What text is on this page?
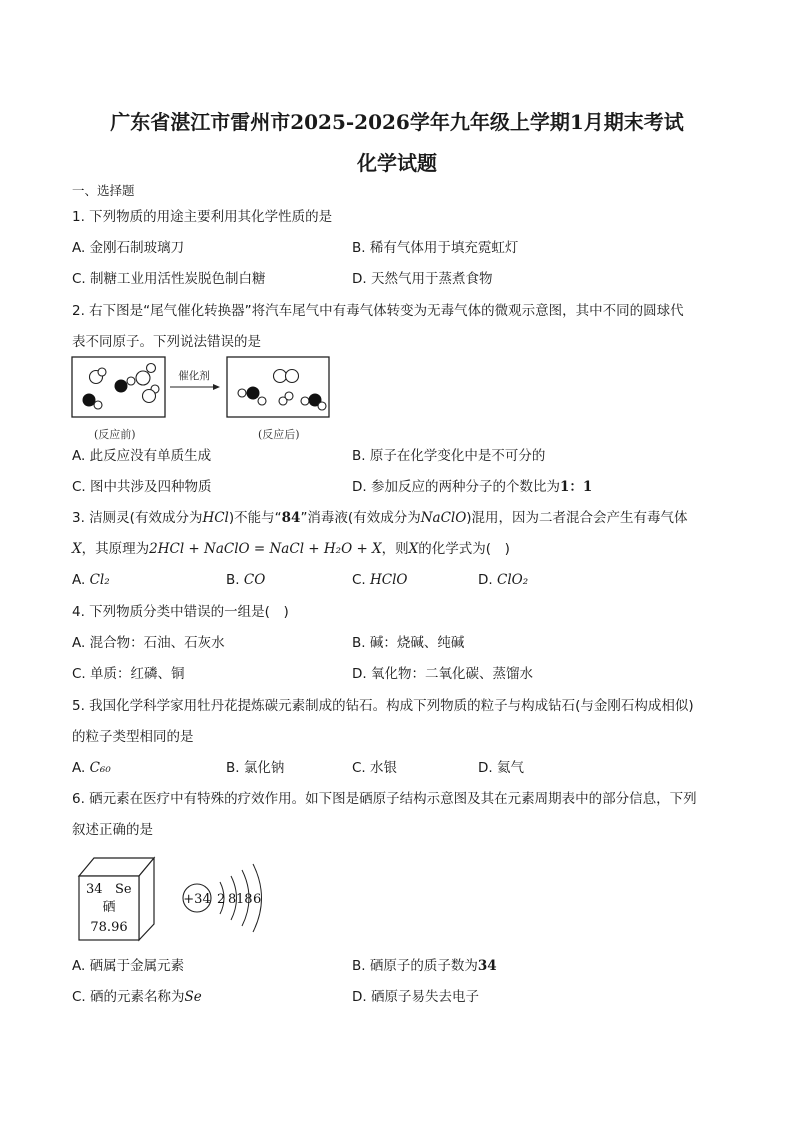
广东省湛江市雷州市2025-2026学年九年级上学期1月期末考试
化学试题
一、选择题
1. 下列物质的用途主要利用其化学性质的是
A. 金刚石制玻璃刀	B. 稀有气体用于填充霓虹灯
C. 制糖工业用活性炭脱色制白糖	D. 天然气用于蒸煮食物
2. 右下图是“尾气催化转换器”将汽车尾气中有毒气体转变为无毒气体的微观示意图，其中不同的圆球代
表不同原子。下列说法错误的是
催化剂
(反应前)	(反应后)
A. 此反应没有单质生成	B. 原子在化学变化中是不可分的
C. 图中共涉及四种物质	D. 参加反应的两种分子的个数比为1：1
3. 洁厕灵(有效成分为HCl)不能与“84”消毒液(有效成分为NaClO)混用，因为二者混合会产生有毒气体
X，其原理为2HCl + NaClO = NaCl + H₂O + X，则X的化学式为(　)
A. Cl₂	B. CO	C. HClO	D. ClO₂
4. 下列物质分类中错误的一组是(　)
A. 混合物：石油、石灰水	B. 碱：烧碱、纯碱
C. 单质：红磷、铜	D. 氧化物：二氧化碳、蒸馏水
5. 我国化学科学家用牡丹花提炼碳元素制成的钻石。构成下列物质的粒子与构成钻石(与金刚石构成相似)
的粒子类型相同的是
A. C₆₀	B. 氯化钠	C. 水银	D. 氦气
6. 硒元素在医疗中有特殊的疗效作用。如下图是硒原子结构示意图及其在元素周期表中的部分信息，下列
叙述正确的是
34 Se
硒
78.96
+34 2 8 18 6
A. 硒属于金属元素	B. 硒原子的质子数为34
C. 硒的元素名称为Se	D. 硒原子易失去电子
